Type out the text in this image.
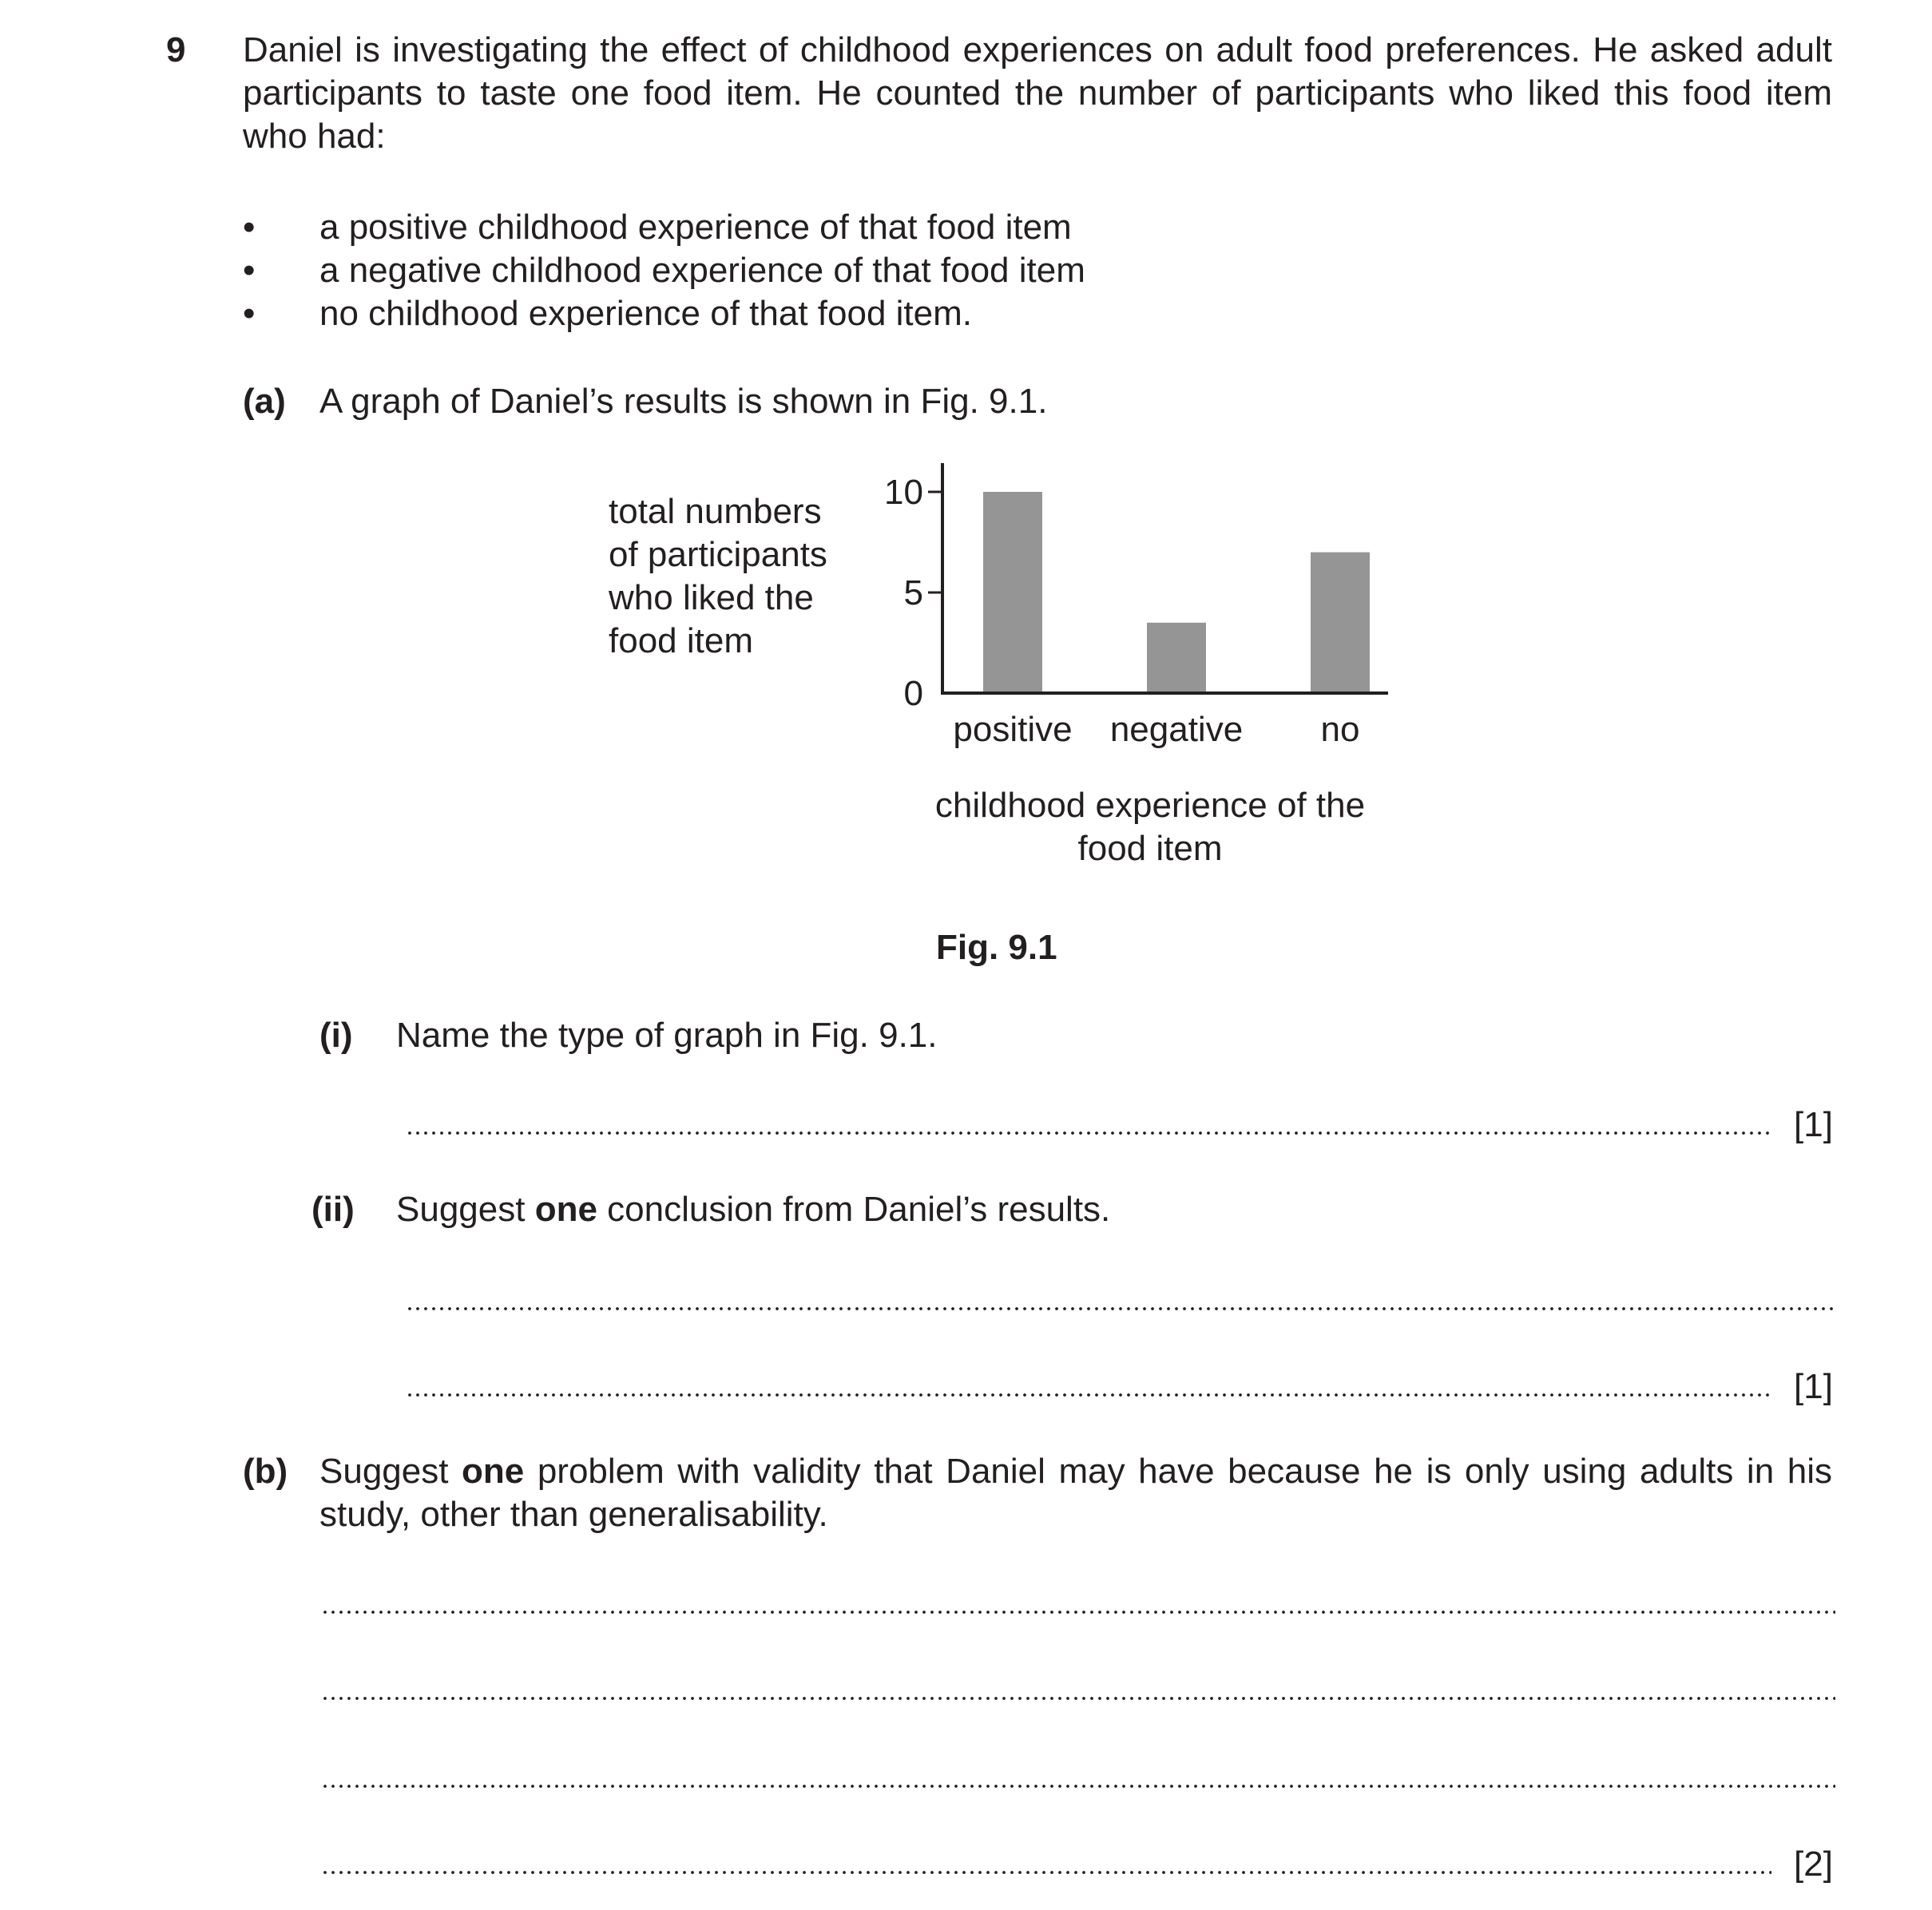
9 Daniel is investigating the effect of childhood experiences on adult food preferences. He asked adult participants to taste one food item. He counted the number of participants who liked this food item who had:
• a positive childhood experience of that food item
• a negative childhood experience of that food item
• no childhood experience of that food item.
(a) A graph of Daniel’s results is shown in Fig. 9.1.
total numbers of participants who liked the food item
positive negative no
0
5
10
childhood experience of the food item
Fig. 9.1
(i) Name the type of graph in Fig. 9.1.
[1]
(ii) Suggest one conclusion from Daniel’s results.
[1]
(b) Suggest one problem with validity that Daniel may have because he is only using adults in his study, other than generalisability.
[2]
